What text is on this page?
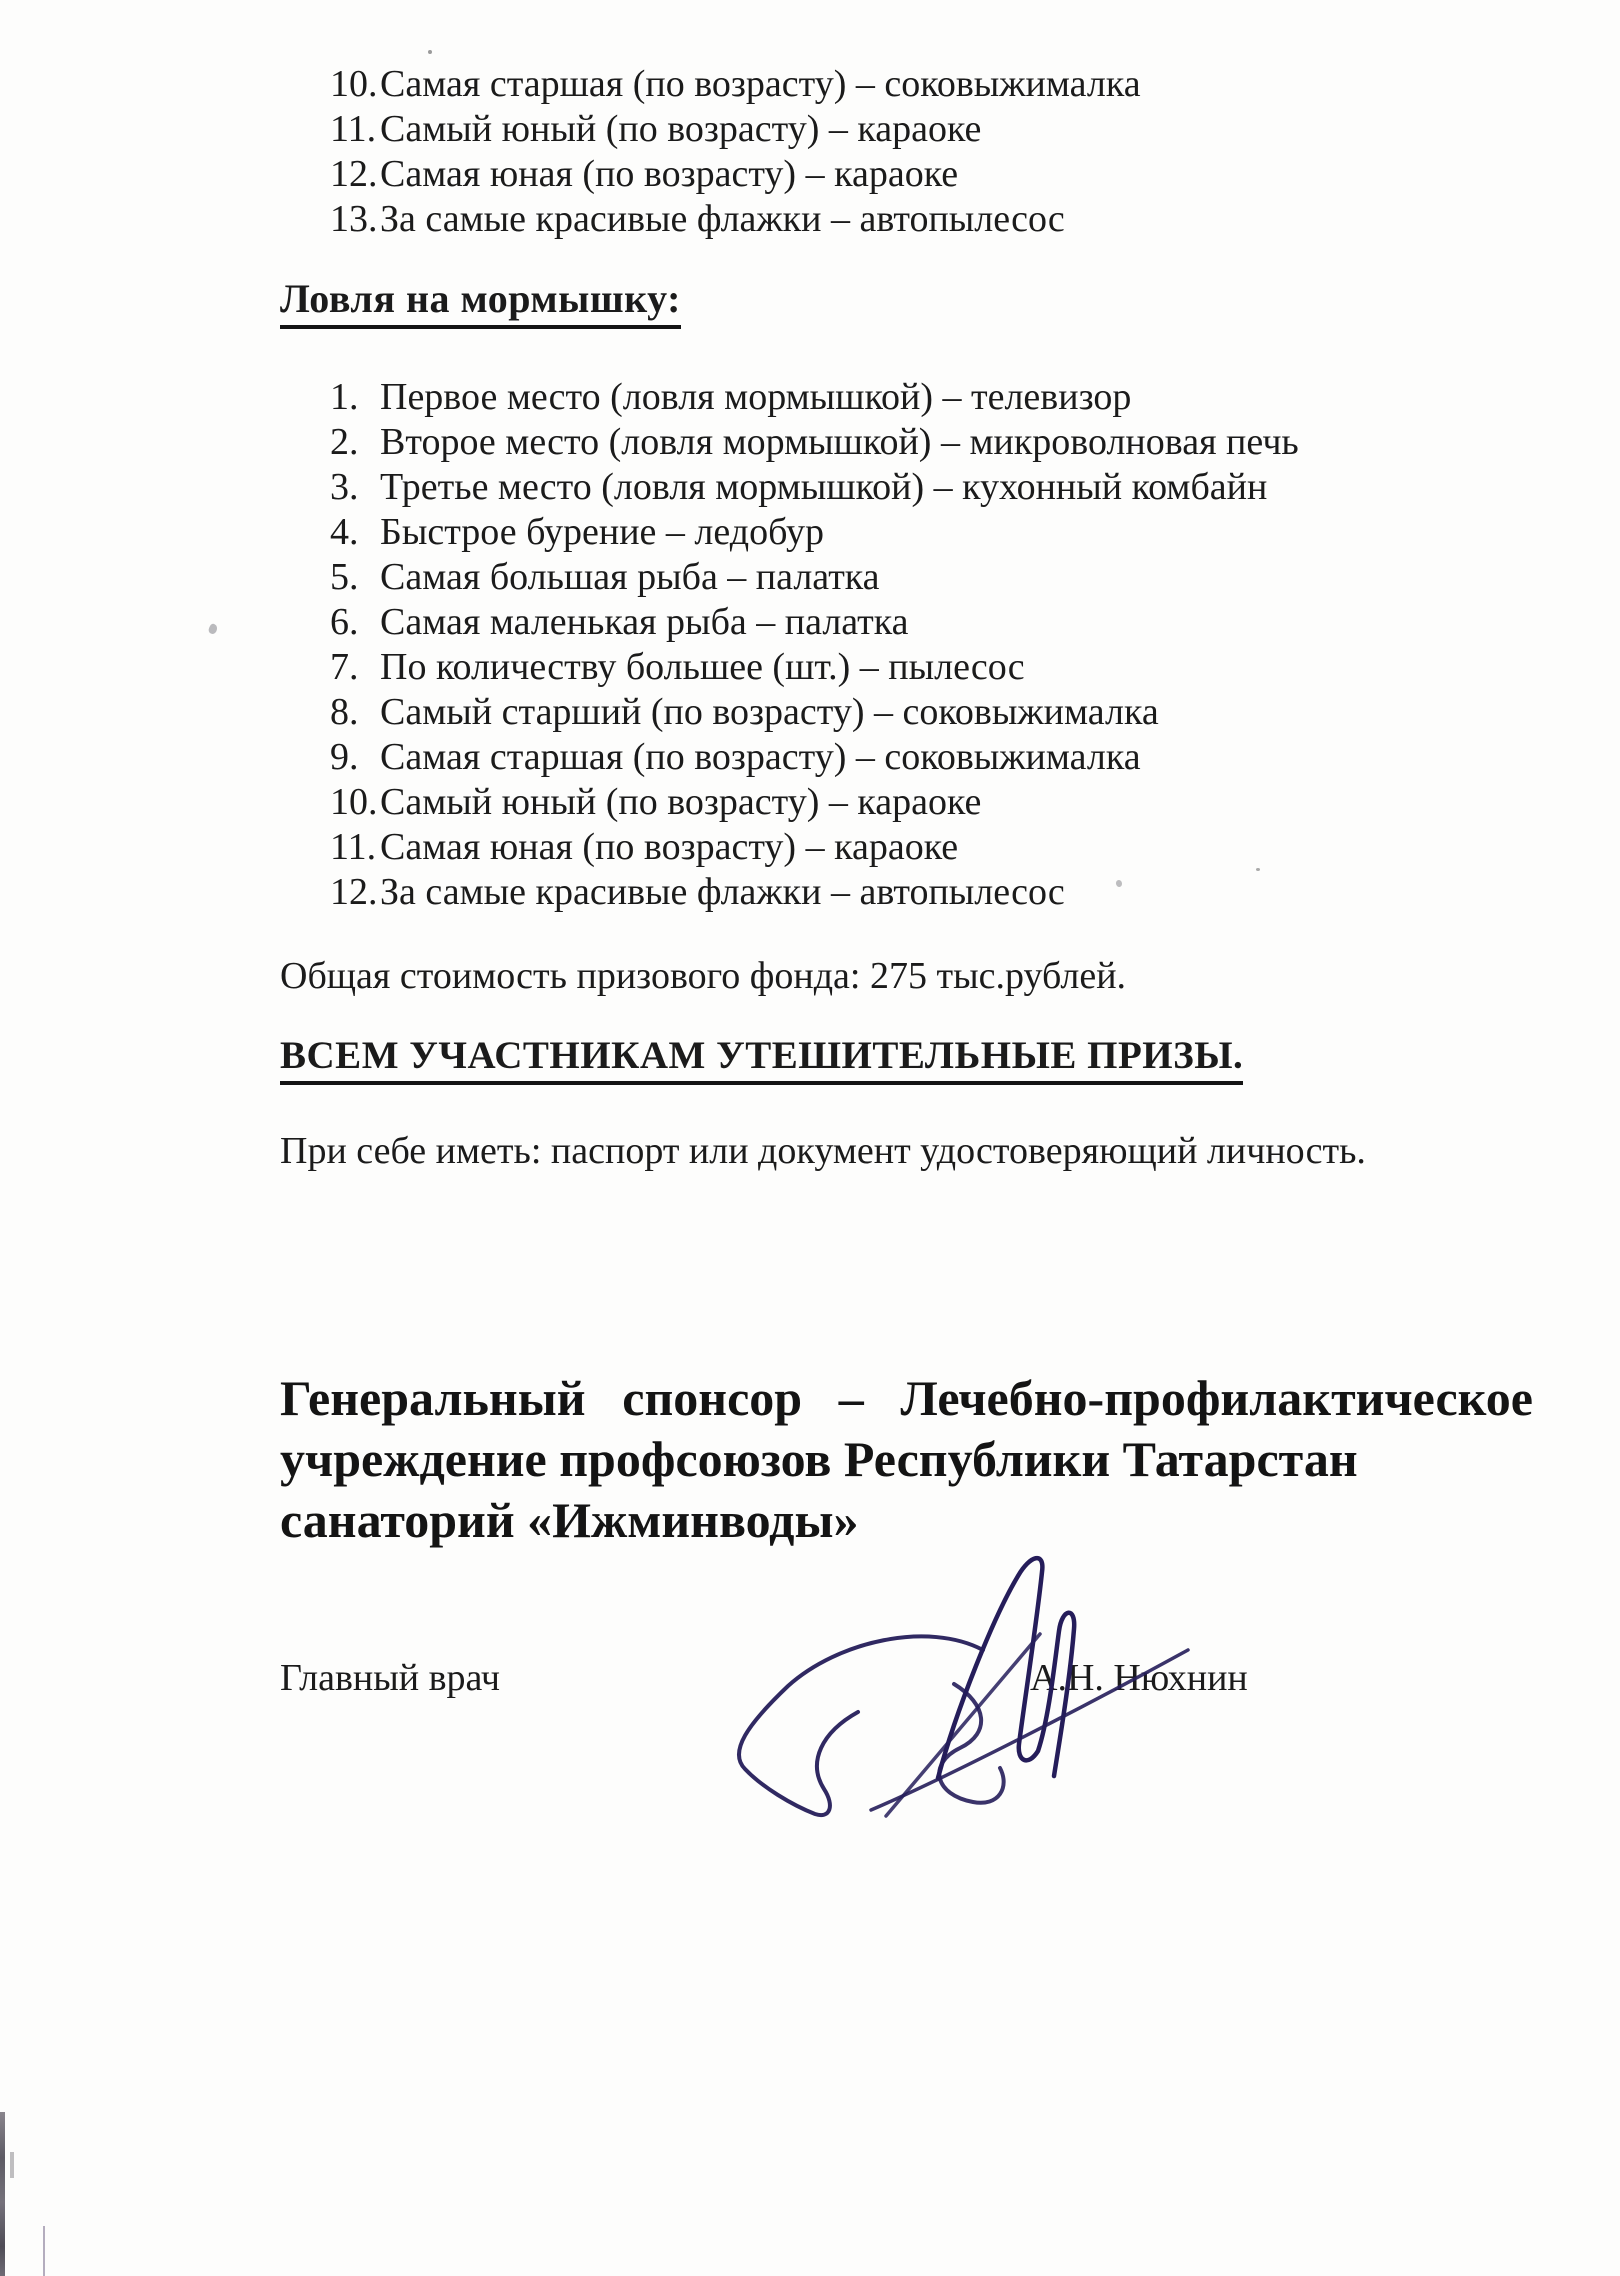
10.Самая старшая (по возрасту) – соковыжималка
11. Самый юный (по возрасту) – караоке
12.Самая юная (по возрасту) – караоке
13.За самые красивые флажки – автопылесос
Ловля на мормышку:
1. Первое место (ловля мормышкой) – телевизор
2. Второе место (ловля мормышкой) – микроволновая печь
3. Третье место (ловля мормышкой) – кухонный комбайн
4. Быстрое бурение – ледобур
5. Самая большая рыба – палатка
6. Самая маленькая рыба – палатка
7. По количеству большее (шт.) – пылесос
8. Самый старший (по возрасту) – соковыжималка
9. Самая старшая (по возрасту) – соковыжималка
10.Самый юный (по возрасту) – караоке
11. Самая юная (по возрасту) – караоке
12.За самые красивые флажки – автопылесос
Общая стоимость призового фонда: 275 тыс.рублей.
ВСЕМ УЧАСТНИКАМ УТЕШИТЕЛЬНЫЕ ПРИЗЫ.
При себе иметь: паспорт или документ удостоверяющий личность.
Генеральный спонсор – Лечебно-профилактическое
учреждение профсоюзов Республики Татарстан
санаторий «Ижминводы»
Главный врач	А.Н. Нюхнин
